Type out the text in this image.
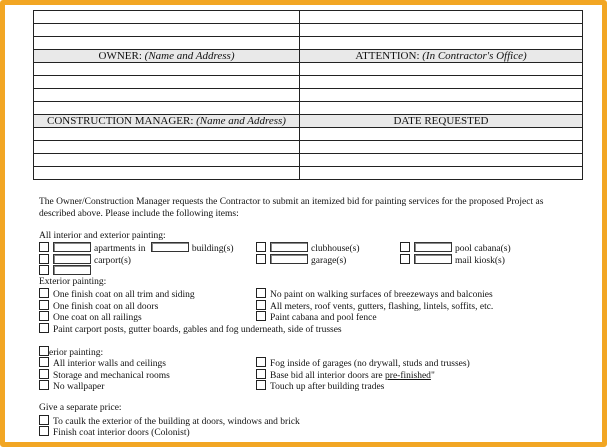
OWNER: (Name and Address)	ATTENTION: (In Contractor's Office)

CONSTRUCTION MANAGER: (Name and Address)	DATE REQUESTED

The Owner/Construction Manager requests the Contractor to submit an itemized bid for painting services for the proposed Project as described above. Please include the following items:
All interior and exterior painting:
apartments in	building(s)
carport(s)
clubhouse(s)
garage(s)
pool cabana(s)
mail kiosk(s)
Exterior painting:
One finish coat on all trim and siding
One finish coat on all doors
One coat on all railings
Paint carport posts, gutter boards, gables and fog underneath, side of trusses
No paint on walking surfaces of breezeways and balconies
All meters, roof vents, gutters, flashing, lintels, soffits, etc.
Paint cabana and pool fence
erior painting:
All interior walls and ceilings
Storage and mechanical rooms
No wallpaper
Fog inside of garages (no drywall, studs and trusses)
Base bid all interior doors are pre-finished"
Touch up after building trades
Give a separate price:
To caulk the exterior of the building at doors, windows and brick
Finish coat interior doors (Colonist)
